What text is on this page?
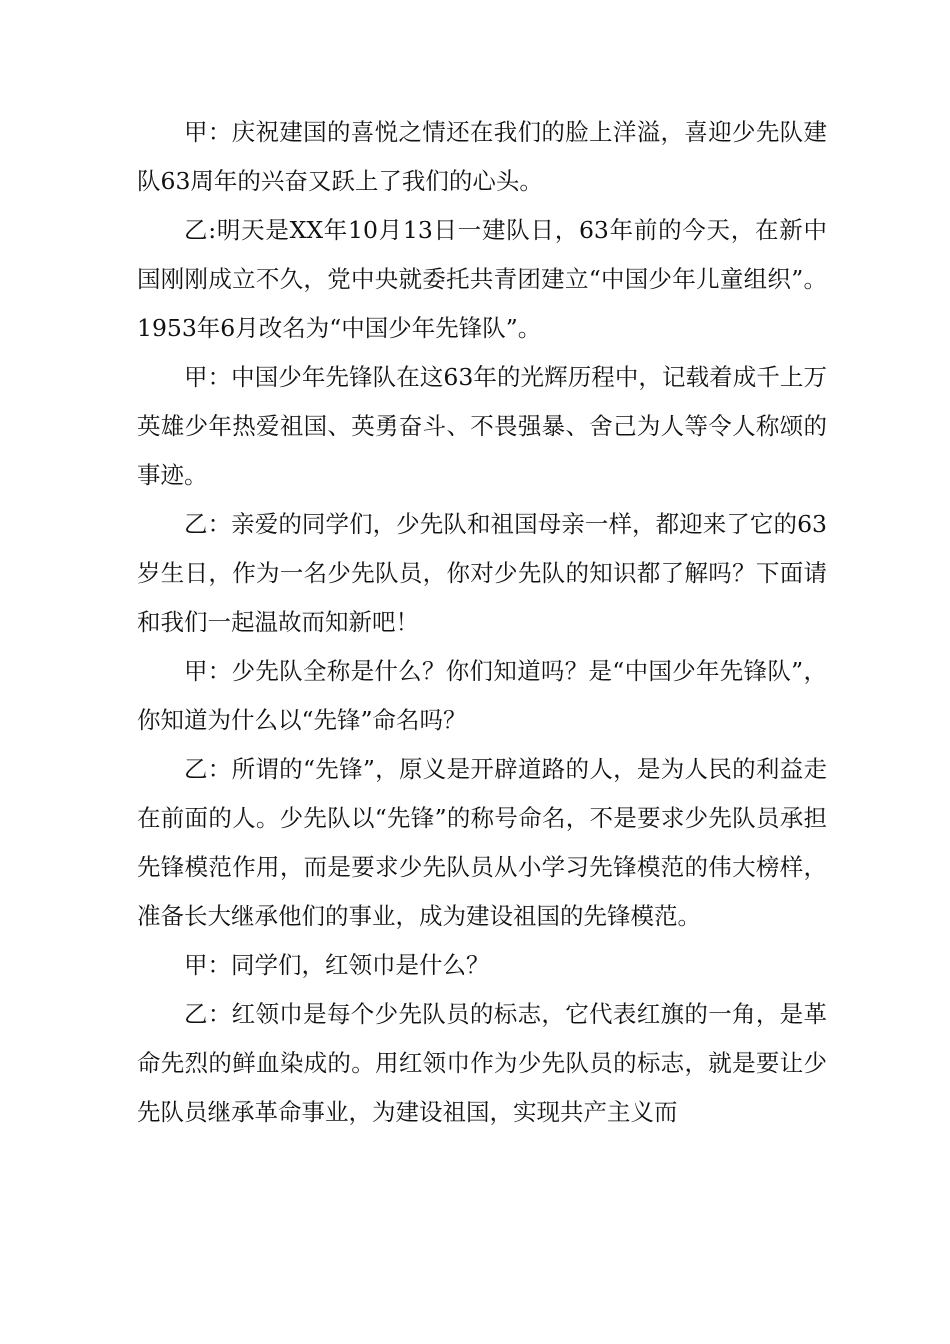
甲：庆祝建国的喜悦之情还在我们的脸上洋溢，喜迎少先队建队63周年的兴奋又跃上了我们的心头。

乙:明天是XX年10月13日一建队日，63年前的今天，在新中国刚刚成立不久，党中央就委托共青团建立“中国少年儿童组织”。1953年6月改名为“中国少年先锋队”。

甲：中国少年先锋队在这63年的光辉历程中，记载着成千上万英雄少年热爱祖国、英勇奋斗、不畏强暴、舍己为人等令人称颂的事迹。

乙：亲爱的同学们，少先队和祖国母亲一样，都迎来了它的63岁生日，作为一名少先队员，你对少先队的知识都了解吗？下面请和我们一起温故而知新吧！

甲：少先队全称是什么？你们知道吗？是“中国少年先锋队”，你知道为什么以“先锋”命名吗？

乙：所谓的“先锋”，原义是开辟道路的人，是为人民的利益走在前面的人。少先队以“先锋”的称号命名，不是要求少先队员承担先锋模范作用，而是要求少先队员从小学习先锋模范的伟大榜样，准备长大继承他们的事业，成为建设祖国的先锋模范。

甲：同学们，红领巾是什么？

乙：红领巾是每个少先队员的标志，它代表红旗的一角，是革命先烈的鲜血染成的。用红领巾作为少先队员的标志，就是要让少先队员继承革命事业，为建设祖国，实现共产主义而
